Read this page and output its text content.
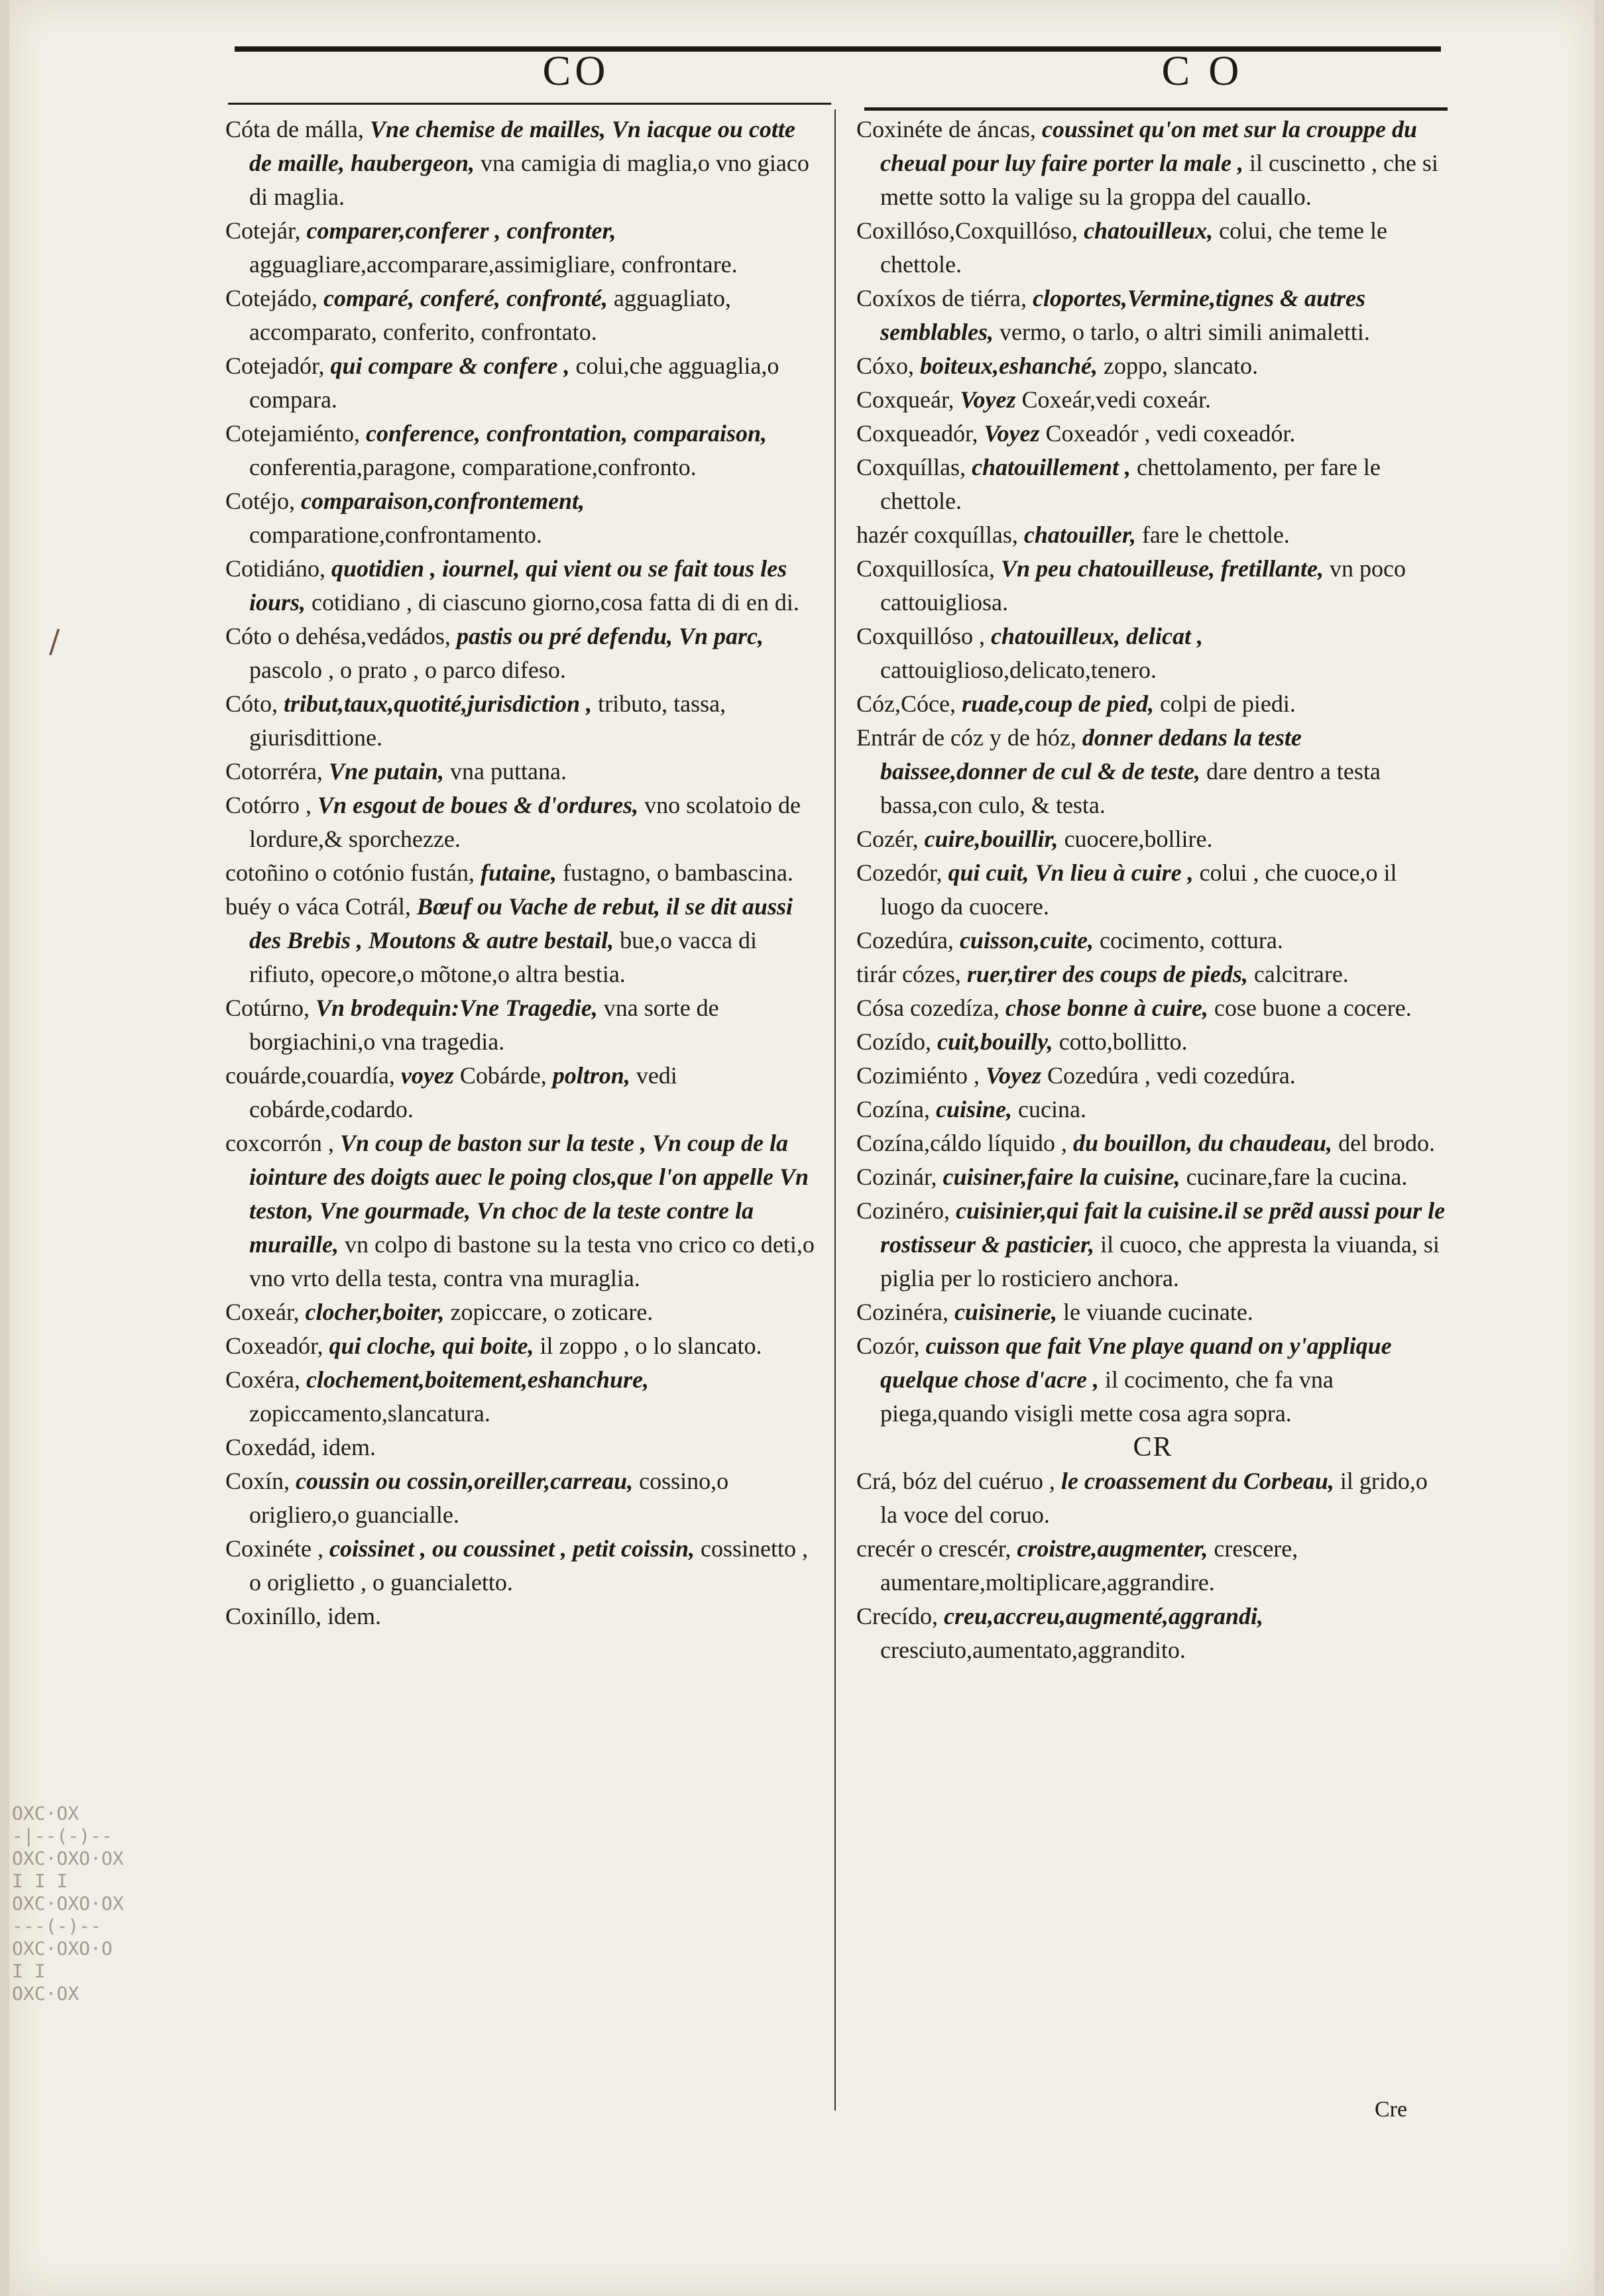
CO	C O
/

Cóta de málla, Vne chemise de mailles, Vn iacque ou cotte de maille, haubergeon, vna camigia di maglia,o vno giaco di maglia.

Cotejár, comparer,conferer , confronter, agguagliare,accomparare,assimigliare, confrontare.

Cotejádo, comparé, conferé, confronté, agguagliato, accomparato, conferito, confrontato.

Cotejadór, qui compare & confere , colui,che agguaglia,o compara.

Cotejamiénto, conference, confrontation, comparaison, conferentia,paragone, comparatione,confronto.

Cotéjo, comparaison,confrontement, comparatione,confrontamento.

Cotidiáno, quotidien , iournel, qui vient ou se fait tous les iours, cotidiano , di ciascuno giorno,cosa fatta di di en di.

Cóto o dehésa,vedádos, pastis ou pré defendu, Vn parc, pascolo , o prato , o parco difeso.

Cóto, tribut,taux,quotité,jurisdiction , tributo, tassa, giurisdittione.

Cotorréra, Vne putain, vna puttana.

Cotórro , Vn esgout de boues & d'ordures, vno scolatoio de lordure,& sporchezze.

cotoñino o cotónio fustán, futaine, fustagno, o bambascina.

buéy o váca Cotrál, Bœuf ou Vache de rebut, il se dit aussi des Brebis , Moutons & autre bestail, bue,o vacca di rifiuto, opecore,o mõtone,o altra bestia.

Cotúrno, Vn brodequin:Vne Tragedie, vna sorte de borgiachini,o vna tragedia.

couárde,couardía, voyez Cobárde, poltron, vedi cobárde,codardo.

coxcorrón , Vn coup de baston sur la teste , Vn coup de la iointure des doigts auec le poing clos,que l'on appelle Vn teston, Vne gourmade, Vn choc de la teste contre la muraille, vn colpo di bastone su la testa vno crico co deti,o vno vrto della testa, contra vna muraglia.

Coxeár, clocher,boiter, zopiccare, o zoticare.

Coxeadór, qui cloche, qui boite, il zoppo , o lo slancato.

Coxéra, clochement,boitement,eshanchure, zopiccamento,slancatura.

Coxedád, idem.

Coxín, coussin ou cossin,oreiller,carreau, cossino,o origliero,o guancialle.

Coxinéte , coissinet , ou coussinet , petit coissin, cossinetto , o origlietto , o guancialetto.

Coxiníllo, idem.

Coxinéte de áncas, coussinet qu'on met sur la crouppe du cheual pour luy faire porter la male , il cuscinetto , che si mette sotto la valige su la groppa del cauallo.

Coxillóso,Coxquillóso, chatouilleux, colui, che teme le chettole.

Coxíxos de tiérra, cloportes,Vermine,tignes & autres semblables, vermo, o tarlo, o altri simili animaletti.

Cóxo, boiteux,eshanché, zoppo, slancato.

Coxqueár, Voyez Coxeár,vedi coxeár.

Coxqueadór, Voyez Coxeadór , vedi coxeadór.

Coxquíllas, chatouillement , chettolamento, per fare le chettole.

hazér coxquíllas, chatouiller, fare le chettole.

Coxquillosíca, Vn peu chatouilleuse, fretillante, vn poco cattouigliosa.

Coxquillóso , chatouilleux, delicat , cattouiglioso,delicato,tenero.

Cóz,Cóce, ruade,coup de pied, colpi de piedi.

Entrár de cóz y de hóz, donner dedans la teste baissee,donner de cul & de teste, dare dentro a testa bassa,con culo, & testa.

Cozér, cuire,bouillir, cuocere,bollire.

Cozedór, qui cuit, Vn lieu à cuire , colui , che cuoce,o il luogo da cuocere.

Cozedúra, cuisson,cuite, cocimento, cottura.

tirár cózes, ruer,tirer des coups de pieds, calcitrare.

Cósa cozedíza, chose bonne à cuire, cose buone a cocere.

Cozído, cuit,bouilly, cotto,bollitto.

Cozimiénto , Voyez Cozedúra , vedi cozedúra.

Cozína, cuisine, cucina.

Cozína,cáldo líquido , du bouillon, du chaudeau, del brodo.

Cozinár, cuisiner,faire la cuisine, cucinare,fare la cucina.

Cozinéro, cuisinier,qui fait la cuisine.il se prẽd aussi pour le rostisseur & pasticier, il cuoco, che appresta la viuanda, si piglia per lo rosticiero anchora.

Cozinéra, cuisinerie, le viuande cucinate.

Cozór, cuisson que fait Vne playe quand on y'applique quelque chose d'acre , il cocimento, che fa vna piega,quando visigli mette cosa agra sopra.

CR

Crá, bóz del cuéruo , le croassement du Corbeau, il grido,o la voce del coruo.

crecér o crescér, croistre,augmenter, crescere, aumentare,moltiplicare,aggrandire.

Crecído, creu,accreu,augmenté,aggrandi, cresciuto,aumentato,aggrandito.

Cre
OXC·OX
-|--(-)--
OXC·OXO·OX
I I I
OXC·OXO·OX
---(-)--
OXC·OXO·O
I I
OXC·OX
